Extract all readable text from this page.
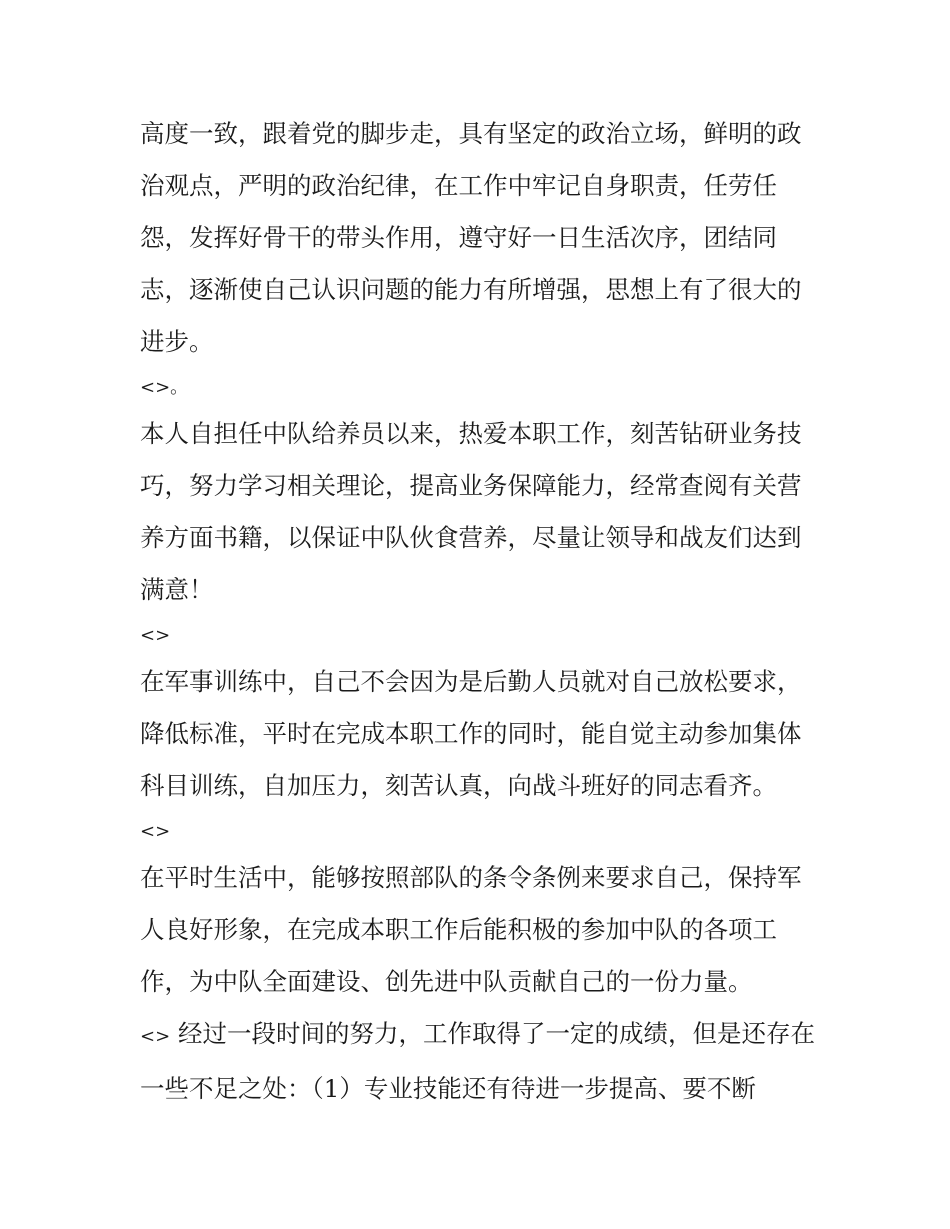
高度一致，跟着党的脚步走，具有坚定的政治立场，鲜明的政治观点，严明的政治纪律，在工作中牢记自身职责，任劳任怨，发挥好骨干的带头作用，遵守好一日生活次序，团结同志，逐渐使自己认识问题的能力有所增强，思想上有了很大的进步。

<>。

本人自担任中队给养员以来，热爱本职工作，刻苦钻研业务技巧，努力学习相关理论，提高业务保障能力，经常查阅有关营养方面书籍，以保证中队伙食营养，尽量让领导和战友们达到满意！

<>

在军事训练中，自己不会因为是后勤人员就对自己放松要求，降低标准，平时在完成本职工作的同时，能自觉主动参加集体科目训练，自加压力，刻苦认真，向战斗班好的同志看齐。

<>

在平时生活中，能够按照部队的条令条例来要求自己，保持军人良好形象，在完成本职工作后能积极的参加中队的各项工作，为中队全面建设、创先进中队贡献自己的一份力量。

<> 经过一段时间的努力，工作取得了一定的成绩，但是还存在一些不足之处：（1）专业技能还有待进一步提高、要不断
